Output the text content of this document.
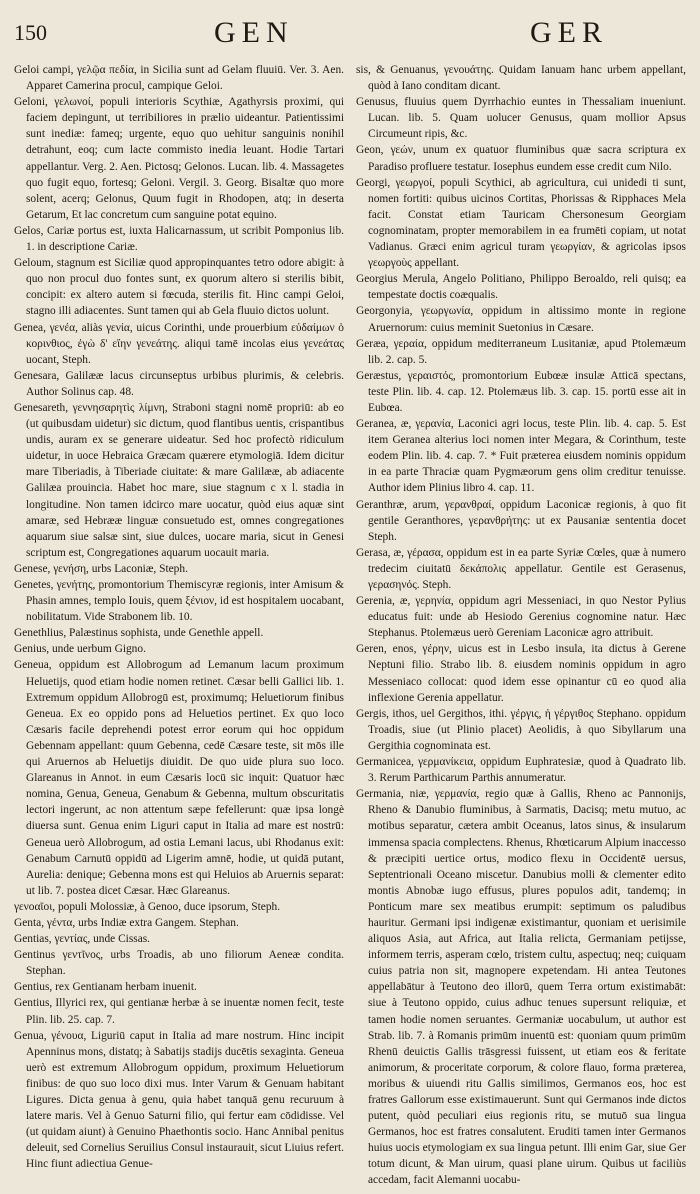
150	GEN	GER

Geloi campi, γελῷα πεδία, in Sicilia sunt ad Gelam fluuiū. Ver. 3. Aen. Apparet Camerina procul, campique Geloi.

Geloni, γελωνοί, populi interioris Scythiæ, Agathyrsis proximi, qui faciem depingunt, ut terribiliores in prælio uideantur. Patientissimi sunt inediæ: fameq; urgente, equo quo uehitur sanguinis nonihil detrahunt, eoq; cum lacte commisto inedia leuant. Hodie Tartari appellantur. Verg. 2. Aen. Pictosq; Gelonos. Lucan. lib. 4. Massagetes quo fugit equo, fortesq; Geloni. Vergil. 3. Georg. Bisaltæ quo more solent, acerq; Gelonus, Quum fugit in Rhodopen, atq; in deserta Getarum, Et lac concretum cum sanguine potat equino.

Gelos, Cariæ portus est, iuxta Halicarnassum, ut scribit Pomponius lib. 1. in descriptione Cariæ.

Geloum, stagnum est Siciliæ quod appropinquantes tetro odore abigit: à quo non procul duo fontes sunt, ex quorum altero si sterilis bibit, concipit: ex altero autem si fœcuda, sterilis fit. Hinc campi Geloi, stagno illi adiacentes. Sunt tamen qui ab Gela fluuio dictos uolunt.

Genea, γενέα, aliàs γενία, uicus Corinthi, unde prouerbium εὐδαίμων ὁ κορινθιος, ἐγὼ δ' εἴην γενεάτης. aliqui tamē incolas eius γενεάτας uocant, Steph.

Genesara, Galilææ lacus circunseptus urbibus plurimis, & celebris. Author Solinus cap. 48.

Genesareth, γεννησαρητὶς λίμνη, Straboni stagni nomē propriū: ab eo (ut quibusdam uidetur) sic dictum, quod flantibus uentis, crispantibus undis, auram ex se generare uideatur. Sed hoc profectò ridiculum uidetur, in uoce Hebraica Græcam quærere etymologiā. Idem dicitur mare Tiberiadis, à Tiberiade ciuitate: & mare Galilææ, ab adiacente Galilæa prouincia. Habet hoc mare, siue stagnum c x l. stadia in longitudine. Non tamen idcirco mare uocatur, quòd eius aquæ sint amaræ, sed Hebrææ linguæ consuetudo est, omnes congregationes aquarum siue salsæ sint, siue dulces, uocare maria, sicut in Genesi scriptum est, Congregationes aquarum uocauit maria.

Genese, γενήση, urbs Laconiæ, Steph.

Genetes, γενήτης, promontorium Themiscyræ regionis, inter Amisum & Phasin amnes, templo Iouis, quem ξένιον, id est hospitalem uocabant, nobilitatum. Vide Strabonem lib. 10.

Genethlius, Palæstinus sophista, unde Genethle appell.

Genius, unde uerbum Gigno.

Geneua, oppidum est Allobrogum ad Lemanum lacum proximum Heluetijs, quod etiam hodie nomen retinet. Cæsar belli Gallici lib. 1. Extremum oppidum Allobrogū est, proximumq; Heluetiorum finibus Geneua. Ex eo oppido pons ad Heluetios pertinet. Ex quo loco Cæsaris facile deprehendi potest error eorum qui hoc oppidum Gebennam appellant: quum Gebenna, cedē Cæsare teste, sit mōs ille qui Aruernos ab Heluetijs diuidit. De quo uide plura suo loco. Glareanus in Annot. in eum Cæsaris locū sic inquit: Quatuor hæc nomina, Genua, Geneua, Genabum & Gebenna, multum obscuritatis lectori ingerunt, ac non attentum sæpe fefellerunt: quæ ipsa longè diuersa sunt. Genua enim Liguri caput in Italia ad mare est nostrū: Geneua uerò Allobrogum, ad ostia Lemani lacus, ubi Rhodanus exit: Genabum Carnutū oppidū ad Ligerim amnē, hodie, ut quidā putant, Aurelia: denique; Gebenna mons est qui Heluios ab Aruernis separat: ut lib. 7. postea dicet Cæsar. Hæc Glareanus.

γενοαῖοι, populi Molossiæ, à Genoo, duce ipsorum, Steph.

Genta, γέντα, urbs Indiæ extra Gangem. Stephan.

Gentias, γεντίας, unde Cissas.

Gentinus γεντῖνος, urbs Troadis, ab uno filiorum Aeneæ condita. Stephan.

Gentius, rex Gentianam herbam inuenit.

Gentius, Illyrici rex, qui gentianæ herbæ à se inuentæ nomen fecit, teste Plin. lib. 25. cap. 7.

Genua, γένουα, Liguriū caput in Italia ad mare nostrum. Hinc incipit Apenninus mons, distatq; à Sabatijs stadijs ducētis sexaginta. Geneua uerò est extremum Allobrogum oppidum, proximum Heluetiorum finibus: de quo suo loco dixi mus. Inter Varum & Genuam habitant Ligures. Dicta genua à genu, quia habet tanquā genu recuruum à latere maris. Vel à Genuo Saturni filio, qui fertur eam cōdidisse. Vel (ut quidam aiunt) à Genuino Phaethontis socio. Hanc Annibal penitus deleuit, sed Cornelius Seruilius Consul instaurauit, sicut Liuius refert. Hinc fiunt adiectiua Genue-

sis, & Genuanus, γενουάτης. Quidam Ianuam hanc urbem appellant, quòd à Iano conditam dicant.

Genusus, fluuius quem Dyrrhachio euntes in Thessaliam inueniunt. Lucan. lib. 5. Quam uolucer Genusus, quam mollior Apsus Circumeunt ripis, &c.

Geon, γεών, unum ex quatuor fluminibus quæ sacra scriptura ex Paradiso profluere testatur. Iosephus eundem esse credit cum Nilo.

Georgi, γεωργοί, populi Scythici, ab agricultura, cui unidedi ti sunt, nomen fortiti: quibus uicinos Cortitas, Phorissas & Ripphaces Mela facit. Constat etiam Tauricam Chersonesum Georgiam cognominatam, propter memorabilem in ea frumēti copiam, ut notat Vadianus. Græci enim agricul turam γεωργίαν, & agricolas ipsos γεωργοὺς appellant.

Georgius Merula, Angelo Politiano, Philippo Beroaldo, reli quisq; ea tempestate doctis coæqualis.

Georgonyia, γεωργωνία, oppidum in altissimo monte in regione Aruernorum: cuius meminit Suetonius in Cæsare.

Geræa, γεραία, oppidum mediterraneum Lusitaniæ, apud Ptolemæum lib. 2. cap. 5.

Geræstus, γεραιστός, promontorium Eubœæ insulæ Atticā spectans, teste Plin. lib. 4. cap. 12. Ptolemæus lib. 3. cap. 15. portū esse ait in Eubœa.

Geranea, æ, γερανία, Laconici agri locus, teste Plin. lib. 4. cap. 5. Est item Geranea alterius loci nomen inter Megara, & Corinthum, teste eodem Plin. lib. 4. cap. 7. * Fuit præterea eiusdem nominis oppidum in ea parte Thraciæ quam Pygmæorum gens olim creditur tenuisse. Author idem Plinius libro 4. cap. 11.

Geranthræ, arum, γερανθραί, oppidum Laconicæ regionis, à quo fit gentile Geranthores, γερανθρήτης: ut ex Pausaniæ sententia docet Steph.

Gerasa, æ, γέρασα, oppidum est in ea parte Syriæ Cœles, quæ à numero tredecim ciuitatū δεκάπολις appellatur. Gentile est Gerasenus, γερασηνός. Steph.

Gerenia, æ, γερηνία, oppidum agri Messeniaci, in quo Nestor Pylius educatus fuit: unde ab Hesiodo Gerenius cognomine natur. Hæc Stephanus. Ptolemæus uerò Gereniam Laconicæ agro attribuit.

Geren, enos, γέρην, uicus est in Lesbo insula, ita dictus à Gerene Neptuni filio. Strabo lib. 8. eiusdem nominis oppidum in agro Messeniaco collocat: quod idem esse opinantur cū eo quod alia inflexione Gerenia appellatur.

Gergis, ithos, uel Gergithos, ithi. γέργις, ἡ γέργιθος Stephano. oppidum Troadis, siue (ut Plinio placet) Aeolidis, à quo Sibyllarum una Gergithia cognominata est.

Germanicea, γερμανίκεια, oppidum Euphratesiæ, quod à Quadrato lib. 3. Rerum Parthicarum Parthis annumeratur.

Germania, niæ, γερμανία, regio quæ à Gallis, Rheno ac Pannonijs, Rheno & Danubio fluminibus, à Sarmatis, Dacisq; metu mutuo, ac motibus separatur, cætera ambit Oceanus, latos sinus, & insularum immensa spacia complectens. Rhenus, Rhœticarum Alpium inaccesso & præcipiti uertice ortus, modico flexu in Occidentē uersus, Septentrionali Oceano miscetur. Danubius molli & clementer edito montis Abnobæ iugo effusus, plures populos adit, tandemq; in Ponticum mare sex meatibus erumpit: septimum os paludibus hauritur. Germani ipsi indigenæ existimantur, quoniam et uerisimile aliquos Asia, aut Africa, aut Italia relicta, Germaniam petijsse, informem terris, asperam cœlo, tristem cultu, aspectuq; neq; cuiquam cuius patria non sit, magnopere expetendam. Hi antea Teutones appellabātur à Teutono deo illorū, quem Terra ortum existimabāt: siue à Teutono oppido, cuius adhuc tenues supersunt reliquiæ, et tamen hodie nomen seruantes. Germaniæ uocabulum, ut author est Strab. lib. 7. à Romanis primūm inuentū est: quoniam quum primūm Rhenū deuictis Gallis trāsgressi fuissent, ut etiam eos & feritate animorum, & proceritate corporum, & colore flauo, forma præterea, moribus & uiuendi ritu Gallis similimos, Germanos eos, hoc est fratres Gallorum esse existimauerunt. Sunt qui Germanos inde dictos putent, quòd peculiari eius regionis ritu, se mutuō sua lingua Germanos, hoc est fratres consalutent. Eruditi tamen inter Germanos huius uocis etymologiam ex sua lingua petunt. Illi enim Gar, siue Ger totum dicunt, & Man uirum, quasi plane uirum. Quibus ut faciliùs accedam, facit Alemanni uocabu-
